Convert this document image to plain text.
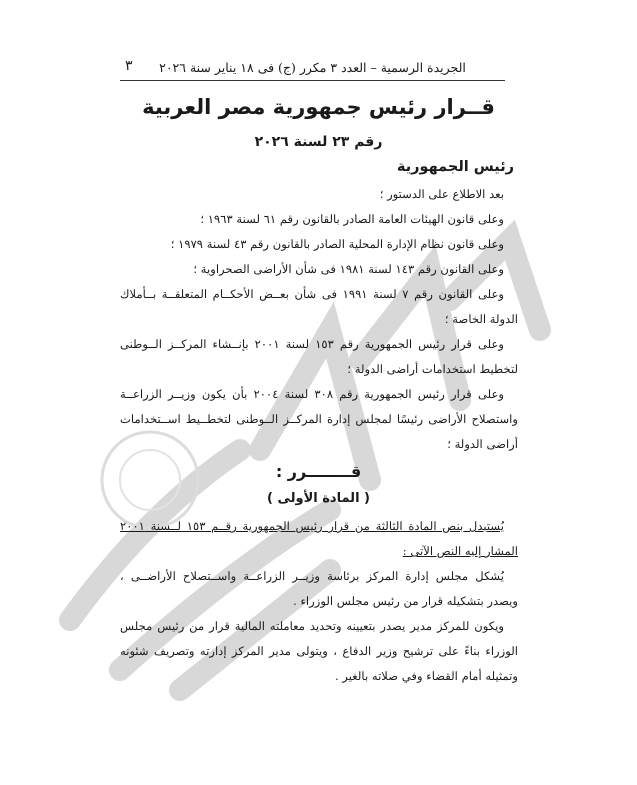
٣	الجريدة الرسمية – العدد ٣ مكرر (ج) فى ١٨ يناير سنة ٢٠٢٦
قــرار رئيس جمهورية مصر العربية
رقم ٢٣ لسنة ٢٠٢٦
رئيس الجمهورية

بعد الاطلاع على الدستور ؛

وعلى قانون الهيئات العامة الصادر بالقانون رقم ٦١ لسنة ١٩٦٣ ؛

وعلى قانون نظام الإدارة المحلية الصادر بالقانون رقم ٤٣ لسنة ١٩٧٩ ؛

وعلى القانون رقم ١٤٣ لسنة ١٩٨١ فى شأن الأراضى الصحراوية ؛

وعلى القانون رقم ٧ لسنة ١٩٩١ فى شأن بعــض الأحكــام المتعلقــة بــأملاك الدولة الخاصة ؛

وعلى قرار رئيس الجمهورية رقم ١٥٣ لسنة ٢٠٠١ بإنــشاء المركــز الــوطنى لتخطيط استخدامات أراضى الدولة ؛

وعلى قرار رئيس الجمهورية رقم ٣٠٨ لسنة ٢٠٠٤ بأن يكون وزيــر الزراعــة واستصلاح الأراضى رئيسًا لمجلس إدارة المركــز الــوطنى لتخطــيط اســتخدامات أراضى الدولة ؛

قــــــــرر :
( المادة الأولى )

يُستبدل بنص المادة الثالثة من قرار رئيس الجمهورية رقــم ١٥٣ لــسنة ٢٠٠١ المشار إليه النص الآتى :

يُشكل مجلس إدارة المركز برئاسة وزيــر الزراعــة واســتصلاح الأراضــى ، ويصدر بتشكيله قرار من رئيس مجلس الوزراء .

ويكون للمركز مدير يصدر بتعيينه وتحديد معاملته المالية قرار من رئيس مجلس الوزراء بناءً على ترشيح وزير الدفاع ، ويتولى مدير المركز إدارته وتصريف شئونه وتمثيله أمام القضاء وفي صلاته بالغير .
